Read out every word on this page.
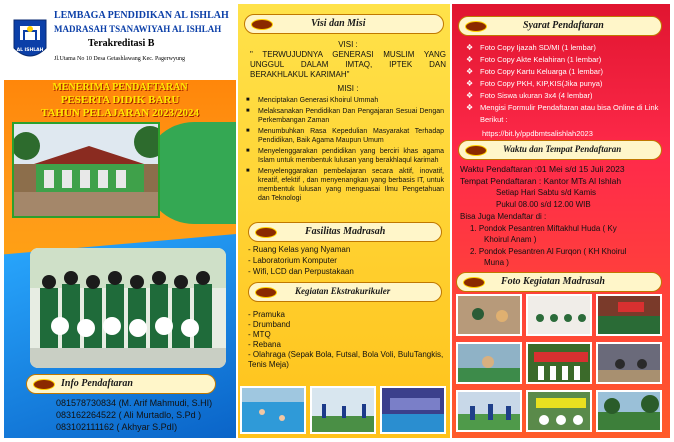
AL ISHLAH
LEMBAGA PENDIDIKAN AL ISHLAH
MADRASAH TSANAWIYAH AL ISHLAH
Terakreditasi B
Jl.Utama No 10 Desa Getashlawang Kec. Pagerwyung
MENERIMA PENDAFTARAN
PESERTA DIDIK BARU
TAHUN PELAJARAN 2023/2024
Info Pendaftaran
081578730834 (M. Arif Mahmudi, S.HI)
083162264522 ( Ali Murtadlo, S.Pd )
083102111162 ( Akhyar S.PdI)
Visi dan Misi
VISI :
" TERWUJUDNYA GENERASI MUSLIM YANG UNGGUL DALAM IMTAQ, IPTEK DAN BERAKHLAKUL KARIMAH"
MISI :
■ Menciptakan Generasi Khoirul Ummah
■ Melaksanakan Pendidikan Dan Pengajaran Sesuai Dengan Perkembangan Zaman
■ Menumbuhkan Rasa Kepedulian Masyarakat Terhadap Pendidikan, Baik Agama Maupun Umum
■ Menyelenggarakan pendidikan yang berciri khas agama Islam untuk membentuk lulusan yang berakhlaqul karimah
■ Menyelenggarakan pembelajaran secara aktif, inovatif, kreatif, efektif , dan menyenangkan yang berbasis IT, untuk membentuk lulusan yang menguasai Ilmu Pengetahuan dan Teknologi
Fasilitas Madrasah
- Ruang Kelas yang Nyaman
- Laboratorium Komputer
- Wifi, LCD dan Perpustakaan
Kegiatan Ekstrakurikuler
- Pramuka
- Drumband
- MTQ
- Rebana
- Olahraga (Sepak Bola, Futsal, Bola Voli, BuluTangkis, Tenis Meja)
Syarat Pendaftaran
❖ Foto Copy Ijazah SD/MI (1 lembar)
❖ Foto Copy Akte Kelahiran (1 lembar)
❖ Foto Copy Kartu Keluarga (1 lembar)
❖ Foto Copy PKH, KIP,KIS(Jika punya)
❖ Foto Siswa ukuran 3x4 (4 lembar)
❖ Mengisi Formulir Pendaftaran atau bisa Online di Link Berikut :
https://bit.ly/ppdbmtsalishlah2023
Waktu dan Tempat Pendaftaran
Waktu Pendaftaran :01 Mei s/d 15 Juli 2023
Tempat Pendaftaran : Kantor MTs Al Ishlah
Setiap Hari Sabtu s/d Kamis
Pukul 08.00 s/d 12.00 WIB
Bisa Juga Mendaftar di :
1. Pondok Pesantren Miftakhul Huda ( Ky
Khoirul Anam )
2. Pondok Pesantren Al Furqon ( KH Khoirul
Muna )
Foto Kegiatan Madrasah
